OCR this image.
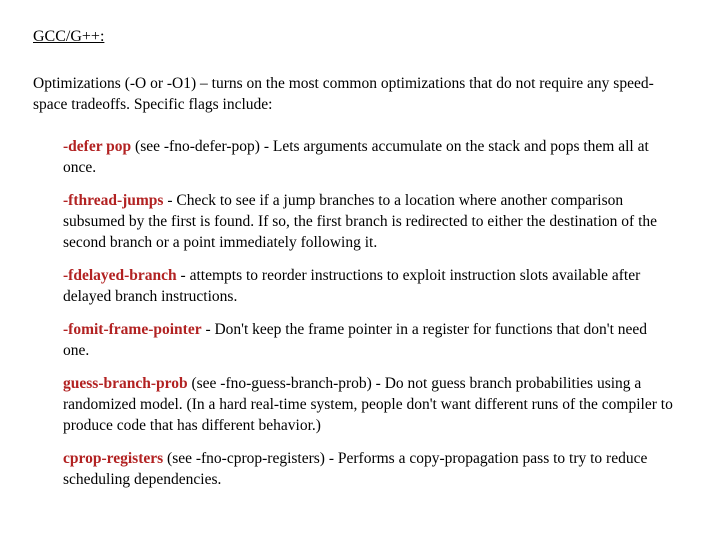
GCC/G++:

Optimizations (-O or -O1) – turns on the most common optimizations that do not require any speed-space tradeoffs. Specific flags include:

-defer pop (see -fno-defer-pop) - Lets arguments accumulate on the stack and pops them all at once.

-fthread-jumps - Check to see if a jump branches to a location where another comparison subsumed by the first is found. If so, the first branch is redirected to either the destination of the second branch or a point immediately following it.

-fdelayed-branch - attempts to reorder instructions to exploit instruction slots available after delayed branch instructions.

-fomit-frame-pointer - Don't keep the frame pointer in a register for functions that don't need one.

guess-branch-prob (see -fno-guess-branch-prob) - Do not guess branch probabilities using a randomized model. (In a hard real-time system, people don't want different runs of the compiler to produce code that has different behavior.)

cprop-registers (see -fno-cprop-registers) - Performs a copy-propagation pass to try to reduce scheduling dependencies.
